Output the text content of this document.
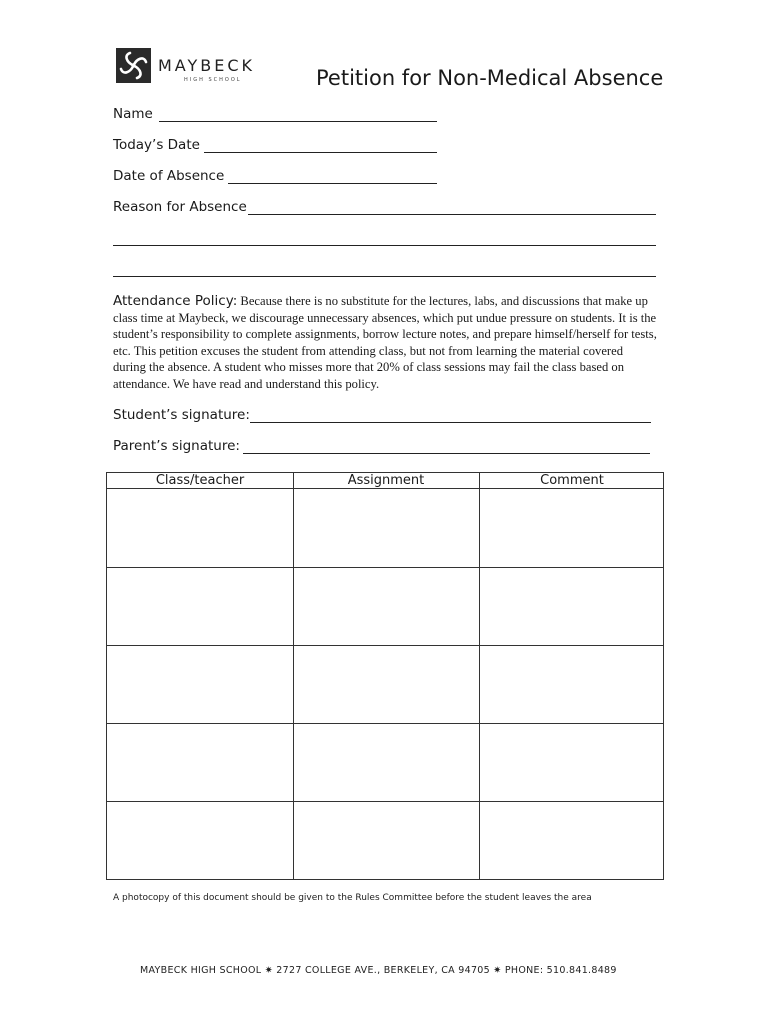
MAYBECK
HIGH SCHOOL	Petition for Non-Medical Absence
Name
Today’s Date
Date of Absence
Reason for Absence
Attendance Policy: Because there is no substitute for the lectures, labs, and discussions that make up class time at Maybeck, we discourage unnecessary absences, which put undue pressure on students. It is the student’s responsibility to complete assignments, borrow lecture notes, and prepare himself/herself for tests, etc. This petition excuses the student from attending class, but not from learning the material covered during the absence. A student who misses more that 20% of class sessions may fail the class based on attendance. We have read and understand this policy.
Student’s signature:
Parent’s signature:
Class/teacher	Assignment	Comment
A photocopy of this document should be given to the Rules Committee before the student leaves the area
MAYBECK HIGH SCHOOL ✷ 2727 COLLEGE AVE., BERKELEY, CA 94705 ✷ PHONE: 510.841.8489
